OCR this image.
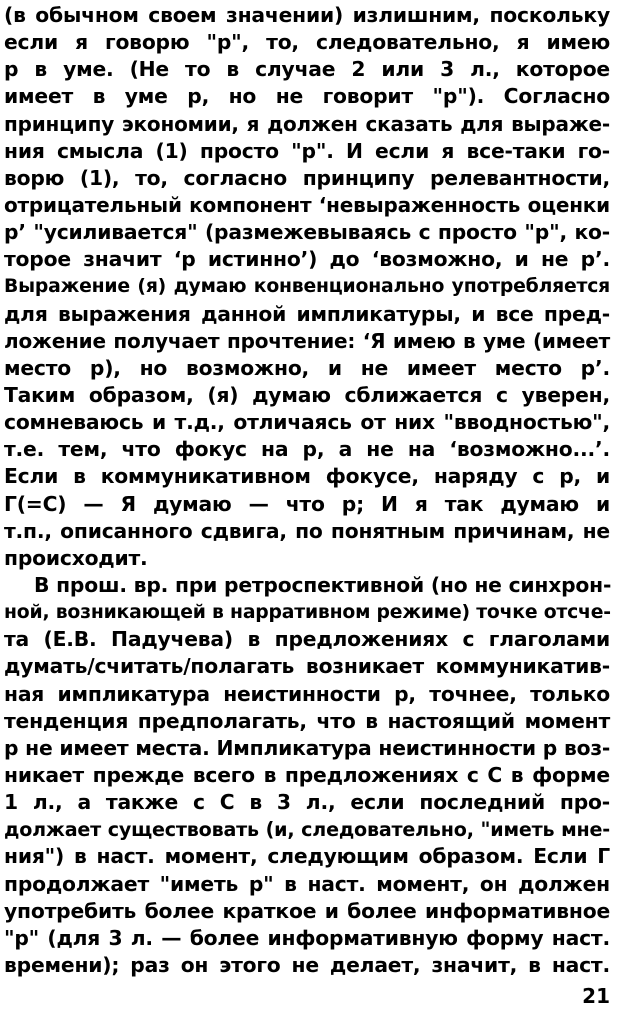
(в обычном своем значении) излишним, поскольку
если я говорю "р", то, следовательно, я имею
р в уме. (Не то в случае 2 или 3 л., которое
имеет в уме р, но не говорит "р"). Согласно
принципу экономии, я должен сказать для выраже-
ния смысла (1) просто "р". И если я все-таки го-
ворю (1), то, согласно принципу релевантности,
отрицательный компонент ‘невыраженность оценки
р’ "усиливается" (размежевываясь с просто "р", ко-
торое значит ‘р истинно’) до ‘возможно, и не р’.
Выражение (я) думаю конвенционально употребляется
для выражения данной импликатуры, и все пред-
ложение получает прочтение: ‘Я имею в уме (имеет
место р), но возможно, и не имеет место р’.
Таким образом, (я) думаю сближается с уверен,
сомневаюсь и т.д., отличаясь от них "вводностью",
т.е. тем, что фокус на р, а не на ‘возможно...’.
Если в коммуникативном фокусе, наряду с р, и
Г(=С) — Я думаю — что р; И я так думаю и
т.п., описанного сдвига, по понятным причинам, не
происходит.
В прош. вр. при ретроспективной (но не синхрон-
ной, возникающей в нарративном режиме) точке отсче-
та (Е.В. Падучева) в предложениях с глаголами
думать/считать/полагать возникает коммуникатив-
ная импликатура неистинности р, точнее, только
тенденция предполагать, что в настоящий момент
р не имеет места. Импликатура неистинности р воз-
никает прежде всего в предложениях с С в форме
1 л., а также с С в 3 л., если последний про-
должает существовать (и, следовательно, "иметь мне-
ния") в наст. момент, следующим образом. Если Г
продолжает "иметь р" в наст. момент, он должен
употребить более краткое и более информативное
"р" (для 3 л. — более информативную форму наст.
времени); раз он этого не делает, значит, в наст.
21
